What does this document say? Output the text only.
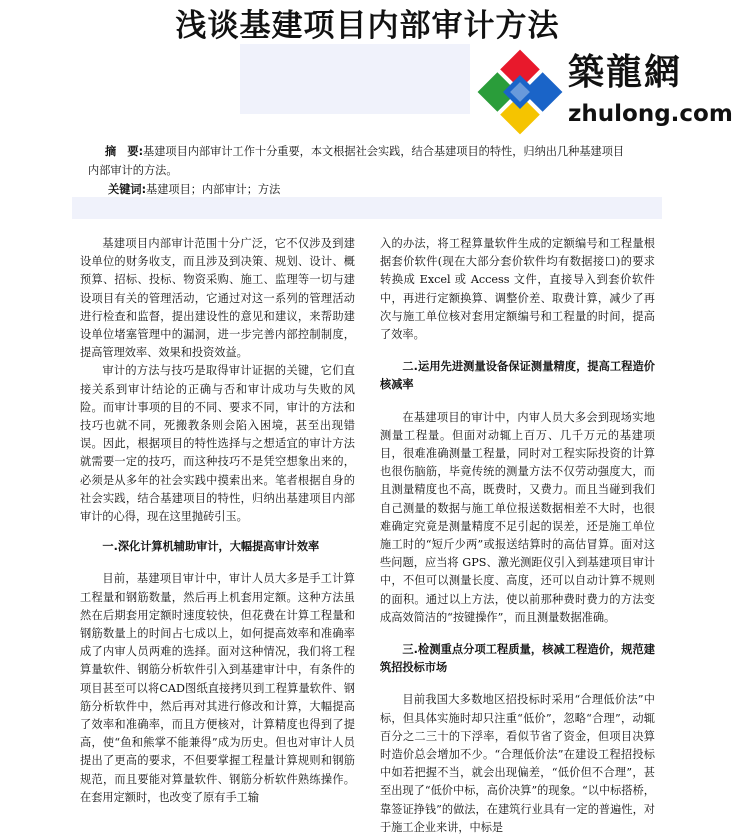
浅谈基建项目内部审计方法
築龍網
zhulong.com

摘　要:基建项目内部审计工作十分重要，本文根据社会实践，结合基建项目的特性，归纳出几种基建项目

内部审计的方法。

关键词:基建项目；内部审计；方法

基建项目内部审计范围十分广泛，它不仅涉及到建设单位的财务收支，而且涉及到决策、规划、设计、概预算、招标、投标、物资采购、施工、监理等一切与建设项目有关的管理活动，它通过对这一系列的管理活动进行检查和监督，提出建设性的意见和建议，来帮助建设单位堵塞管理中的漏洞，进一步完善内部控制制度，提高管理效率、效果和投资效益。

审计的方法与技巧是取得审计证据的关键，它们直接关系到审计结论的正确与否和审计成功与失败的风险。而审计事项的目的不同、要求不同，审计的方法和技巧也就不同，死搬教条则会陷入困境，甚至出现错误。因此，根据项目的特性选择与之想适宜的审计方法就需要一定的技巧，而这种技巧不是凭空想象出来的，必须是从多年的社会实践中摸索出来。笔者根据自身的社会实践，结合基建项目的特性，归纳出基建项目内部审计的心得，现在这里抛砖引玉。

一.深化计算机辅助审计，大幅提高审计效率

目前，基建项目审计中，审计人员大多是手工计算工程量和钢筋数量，然后再上机套用定额。这种方法虽然在后期套用定额时速度较快，但花费在计算工程量和钢筋数量上的时间占七成以上，如何提高效率和准确率成了内审人员两难的选择。面对这种情况，我们将工程算量软件、钢筋分析软件引入到基建审计中，有条件的项目甚至可以将CAD图纸直接拷贝到工程算量软件、钢筋分析软件中，然后再对其进行修改和计算，大幅提高了效率和准确率，而且方便核对，计算精度也得到了提高，使“鱼和熊掌不能兼得”成为历史。但也对审计人员提出了更高的要求，不但要掌握工程量计算规则和钢筋规范，而且要能对算量软件、钢筋分析软件熟练操作。在套用定额时，也改变了原有手工输

入的办法，将工程算量软件生成的定额编号和工程量根据套价软件(现在大部分套价软件均有数据接口)的要求转换成 Excel 或 Access 文件，直接导入到套价软件中，再进行定额换算、调整价差、取费计算，减少了再次与施工单位核对套用定额编号和工程量的时间，提高了效率。

二.运用先进测量设备保证测量精度，提高工程造价核减率

在基建项目的审计中，内审人员大多会到现场实地测量工程量。但面对动辄上百万、几千万元的基建项目，很难准确测量工程量，同时对工程实际投资的计算也很伤脑筋，毕竟传统的测量方法不仅劳动强度大，而且测量精度也不高，既费时，又费力。而且当碰到我们自己测量的数据与施工单位报送数据相差不大时，也很难确定究竟是测量精度不足引起的误差，还是施工单位施工时的“短斤少两”或报送结算时的高估冒算。面对这些问题，应当将 GPS、激光测距仪引入到基建项目审计中，不但可以测量长度、高度，还可以自动计算不规则的面积。通过以上方法，使以前那种费时费力的方法变成高效简洁的“按键操作”，而且测量数据准确。

三.检测重点分项工程质量，核减工程造价，规范建筑招投标市场

目前我国大多数地区招投标时采用“合理低价法”中标，但具体实施时却只注重“低价”，忽略“合理”，动辄百分之二三十的下浮率，看似节省了资金，但项目决算时造价总会增加不少。“合理低价法”在建设工程招投标中如若把握不当，就会出现偏差，“低价但不合理”，甚至出现了“低价中标，高价决算”的现象。“以中标搭桥，靠签证挣钱”的做法，在建筑行业具有一定的普遍性，对于施工企业来讲，中标是
